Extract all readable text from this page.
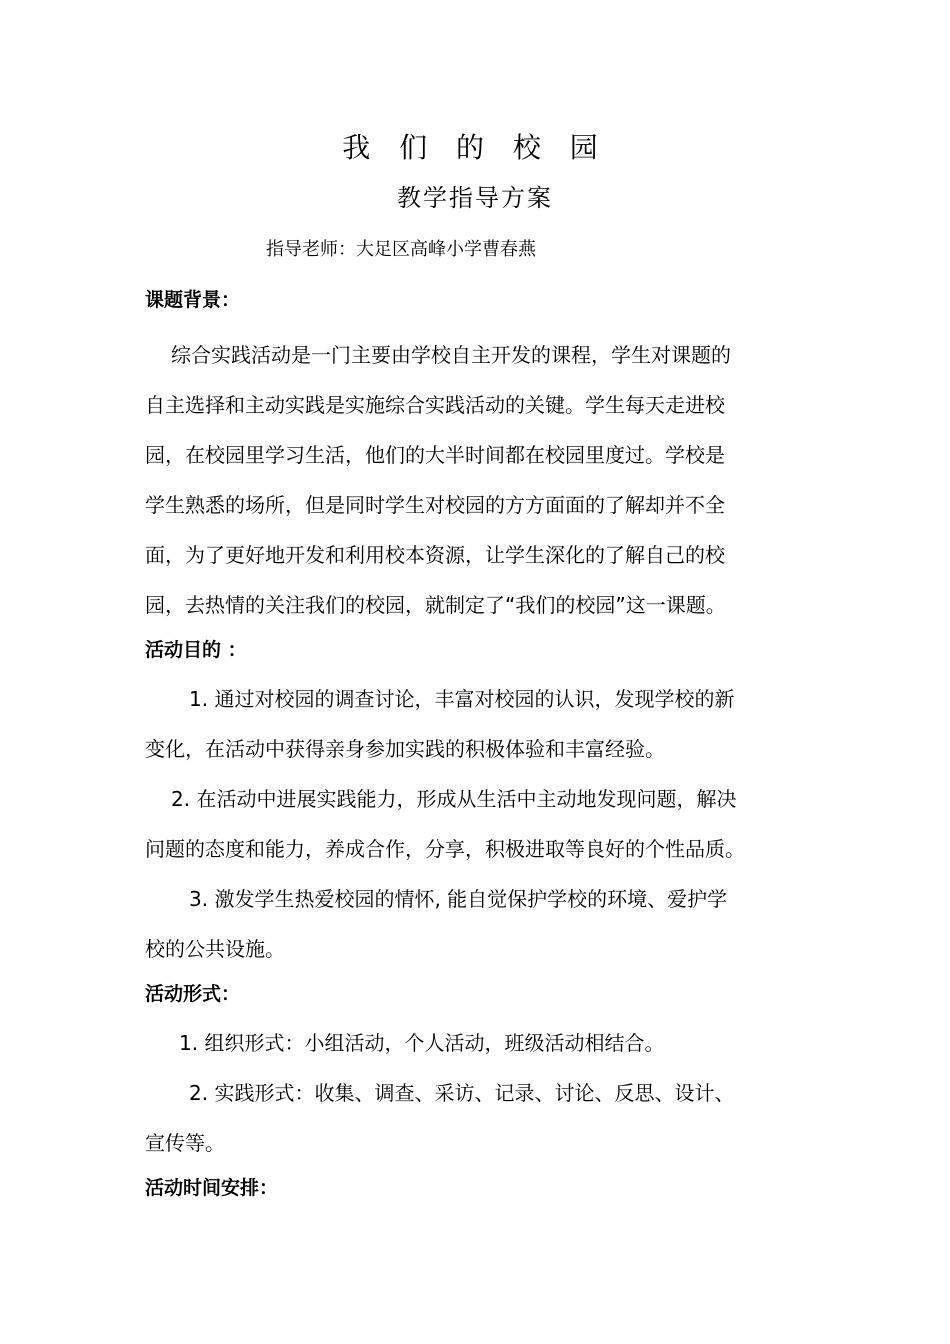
我 们 的 校 园
教学指导方案
指导老师：大足区高峰小学曹春燕
课题背景：
综合实践活动是一门主要由学校自主开发的课程，学生对课题的
自主选择和主动实践是实施综合实践活动的关键。学生每天走进校
园，在校园里学习生活，他们的大半时间都在校园里度过。学校是
学生熟悉的场所，但是同时学生对校园的方方面面的了解却并不全
面，为了更好地开发和利用校本资源，让学生深化的了解自己的校
园，去热情的关注我们的校园，就制定了“我们的校园”这一课题。
活动目的 ：
1. 通过对校园的调查讨论，丰富对校园的认识，发现学校的新
变化，在活动中获得亲身参加实践的积极体验和丰富经验。
2. 在活动中进展实践能力，形成从生活中主动地发现问题，解决
问题的态度和能力，养成合作，分享，积极进取等良好的个性品质。
3. 激发学生热爱校园的情怀, 能自觉保护学校的环境、爱护学
校的公共设施。
活动形式：
1. 组织形式：小组活动，个人活动，班级活动相结合。
2. 实践形式：收集、调查、采访、记录、讨论、反思、设计、
宣传等。
活动时间安排：
